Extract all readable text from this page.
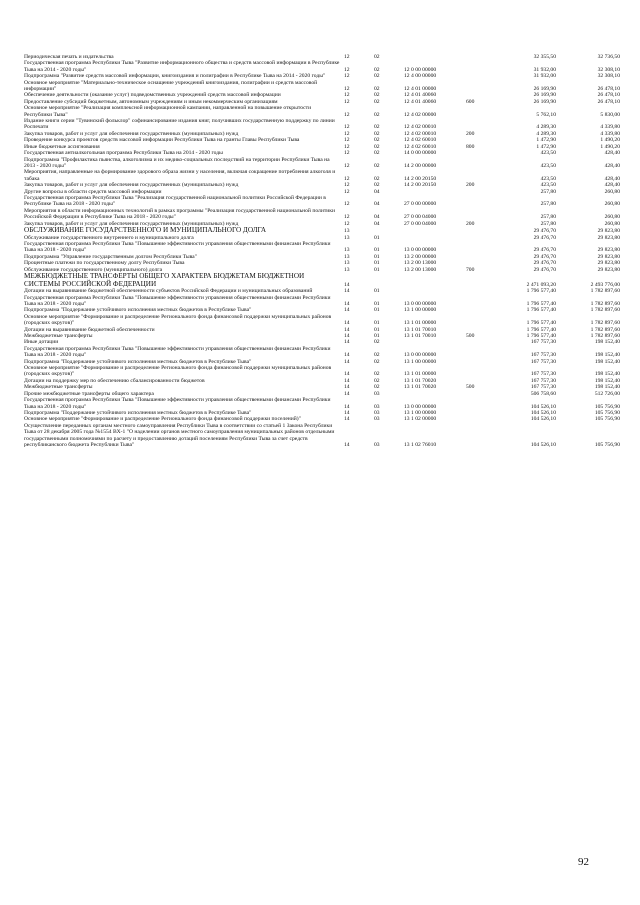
Периодическая печать и издательства	12	02			32 355,50	32 736,50
Государственная программа Республики Тыва "Развитие информационного общества и средств массовой информации в Республике Тыва на 2014 - 2020 годы"	12	02	12 0 00 00000		31 932,00	32 308,10
Подпрограмма "Развитие средств массовой информации, книгоиздания и полиграфии в Республике Тыва на 2014 - 2020 годы"	12	02	12 4 00 00000		31 932,00	32 308,10
Основное мероприятие "Материально-техническое оснащение учреждений книгоиздания, полиграфии и средств массовой информации"	12	02	12 4 01 00000		26 169,90	26 478,10
Обеспечение деятельности (оказание услуг) подведомственных учреждений средств массовой информации	12	02	12 4 01 40060		26 169,90	26 478,10
Предоставление субсидий бюджетным, автономным учреждениям и иным некоммерческим организациям	12	02	12 4 01 40060	600	26 169,90	26 478,10
Основное мероприятие "Реализация комплексной информационной кампании, направленной на повышение открытости Республики Тыва"	12	02	12 4 02 00000		5 762,10	5 830,00
Издание книги серии "Тувинский фольклор" софинансирование издания книг, получивших государственную поддержку по линии Роспечати	12	02	12 4 02 00010		4 289,30	4 339,80
Закупка товаров, работ и услуг для обеспечения государственных (муниципальных) нужд	12	02	12 4 02 00010	200	4 289,30	4 339,80
Проведение конкурса проектов средств массовой информации Республики Тыва на гранты Главы Республики Тыва	12	02	12 4 02 60010		1 472,90	1 490,20
Иные бюджетные ассигнования	12	02	12 4 02 60010	800	1 472,90	1 490,20
Государственная антиалкогольная программа Республики Тыва на 2014 - 2020 годы	12	02	14 0 00 00000		423,50	428,40
Подпрограмма "Профилактика пьянства, алкоголизма и их медико-социальных последствий на территории Республики Тыва на 2013 - 2020 годы"	12	02	14 2 00 00000		423,50	428,40
Мероприятия, направленные на формирование здорового образа жизни у населения, включая сокращение потребления алкоголя и табака	12	02	14 2 00 20150		423,50	428,40
Закупка товаров, работ и услуг для обеспечения государственных (муниципальных) нужд	12	02	14 2 00 20150	200	423,50	428,40
Другие вопросы в области средств массовой информации	12	04			257,80	260,80
Государственная программа Республики Тыва "Реализация государственной национальной политики Российской Федерации в Республике Тыва на 2018 - 2020 годы"	12	04	27 0 00 00000		257,80	260,80
Мероприятия в области информационных технологий в рамках программы "Реализация государственной национальной политики Российской Федерации в Республике Тыва на 2018 - 2020 годы"	12	04	27 0 00 04000		257,80	260,80
Закупка товаров, работ и услуг для обеспечения государственных (муниципальных) нужд	12	04	27 0 00 04000	200	257,80	260,80
ОБСЛУЖИВАНИЕ ГОСУДАРСТВЕННОГО И МУНИЦИПАЛЬНОГО ДОЛГА	13				29 476,70	29 823,80
Обслуживание государственного внутреннего и муниципального долга	13	01			29 476,70	29 823,80
Государственная программа Республики Тыва "Повышение эффективности управления общественными финансами Республики Тыва на 2018 - 2020 годы"	13	01	13 0 00 00000		29 476,70	29 823,80
Подпрограмма "Управление государственным долгом Республики Тыва"	13	01	13 2 00 00000		29 476,70	29 823,80
Процентные платежи по государственному долгу Республики Тыва	13	01	13 2 00 13000		29 476,70	29 823,80
Обслуживание государственного (муниципального) долга	13	01	13 2 00 13000	700	29 476,70	29 823,80
МЕЖБЮДЖЕТНЫЕ ТРАНСФЕРТЫ ОБЩЕГО ХАРАКТЕРА БЮДЖЕТАМ БЮДЖЕТНОЙ СИСТЕМЫ РОССИЙСКОЙ ФЕДЕРАЦИИ	14				2 471 093,20	2 493 776,00
Дотации на выравнивание бюджетной обеспеченности субъектов Российской Федерации и муниципальных образований	14	01			1 796 577,40	1 782 897,60
Государственная программа Республики Тыва "Повышение эффективности управления общественными финансами Республики Тыва на 2018 - 2020 годы"	14	01	13 0 00 00000		1 796 577,40	1 782 897,60
Подпрограмма "Поддержание устойчивого исполнения местных бюджетов в Республике Тыва"	14	01	13 1 00 00000		1 796 577,40	1 782 897,60
Основное мероприятие "Формирование и распределение Регионального фонда финансовой поддержки муниципальных районов (городских округов)"	14	01	13 1 01 00000		1 796 577,40	1 782 897,60
Дотации на выравнивание бюджетной обеспеченности	14	01	13 1 01 70010		1 796 577,40	1 782 897,60
Межбюджетные трансферты	14	01	13 1 01 70010	500	1 796 577,40	1 782 897,60
Иные дотации	14	02			167 757,30	198 152,40
Государственная программа Республики Тыва "Повышение эффективности управления общественными финансами Республики Тыва на 2018 - 2020 годы"	14	02	13 0 00 00000		167 757,30	198 152,40
Подпрограмма "Поддержание устойчивого исполнения местных бюджетов в Республике Тыва"	14	02	13 1 00 00000		167 757,30	198 152,40
Основное мероприятие "Формирование и распределение Регионального фонда финансовой поддержки муниципальных районов (городских округов)"	14	02	13 1 01 00000		167 757,30	198 152,40
Дотации на поддержку мер по обеспечению сбалансированности бюджетов	14	02	13 1 01 70020		167 757,30	198 152,40
Межбюджетные трансферты	14	02	13 1 01 70020	500	167 757,30	198 152,40
Прочие межбюджетные трансферты общего характера	14	03			506 758,60	512 726,00
Государственная программа Республики Тыва "Повышение эффективности управления общественными финансами Республики Тыва на 2018 - 2020 годы"	14	03	13 0 00 00000		104 526,10	105 756,90
Подпрограмма "Поддержание устойчивого исполнения местных бюджетов в Республике Тыва"	14	03	13 1 00 00000		104 526,10	105 756,90
Основное мероприятие "Формирование и распределение Регионального фонда финансовой поддержки поселений)"	14	03	13 1 02 00000		104 526,10	105 756,90
Осуществление переданных органам местного самоуправления Республики Тыва в соответствии со статьей 1 Закона Республики Тыва от 28 декабря 2005 года №1554 ВХ-1 "О наделении органов местного самоуправления муниципальных районов отдельными государственными полномочиями по расчету и предоставлению дотаций поселениям Республики Тыва за счет средств республиканского бюджета Республики Тыва"	14	03	13 1 02 76010		104 526,10	105 756,90
92
